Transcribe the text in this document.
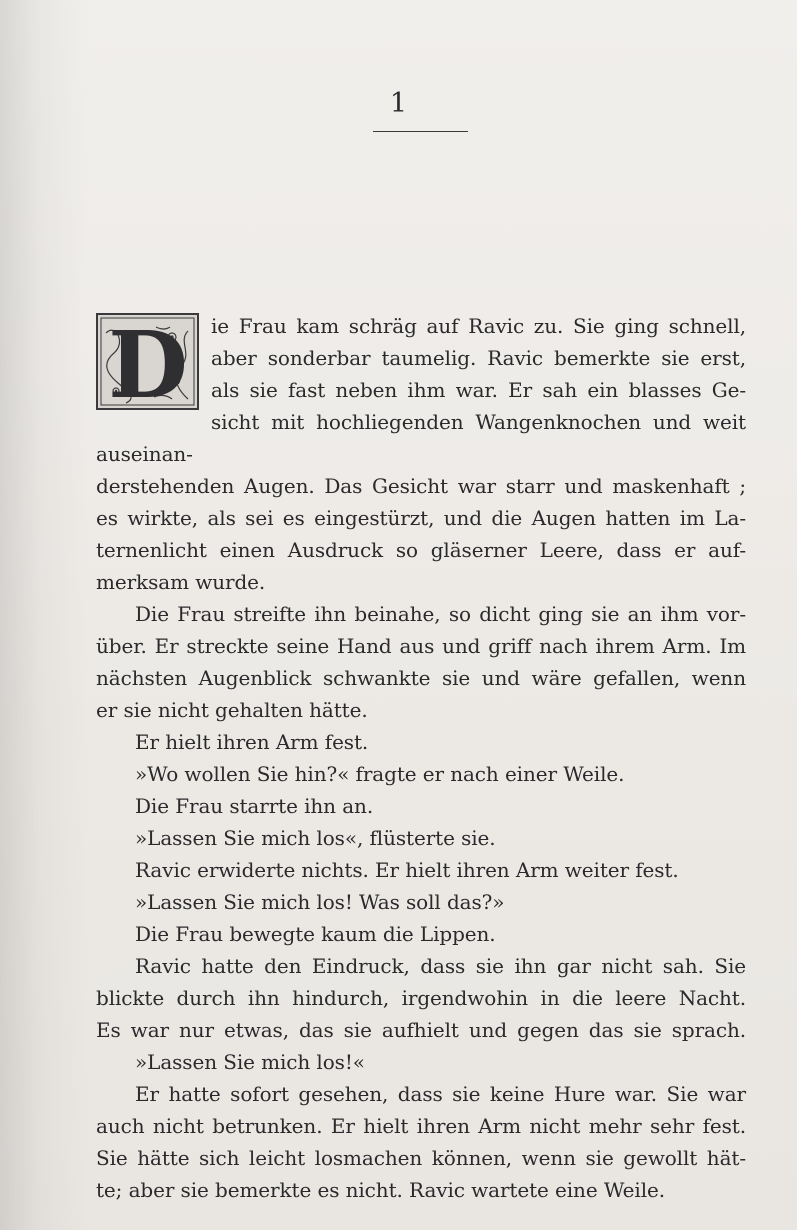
1
D	ie Frau kam schräg auf Ravic zu. Sie ging schnell,
aber sonderbar taumelig. Ravic bemerkte sie erst,
als sie fast neben ihm war. Er sah ein blasses Ge-
sicht mit hochliegenden Wangenknochen und weit auseinan-
derstehenden Augen. Das Gesicht war starr und maskenhaft ;
es wirkte, als sei es eingestürzt, und die Augen hatten im La-
ternenlicht einen Ausdruck so gläserner Leere, dass er auf-
merksam wurde.
Die Frau streifte ihn beinahe, so dicht ging sie an ihm vor-
über. Er streckte seine Hand aus und griff nach ihrem Arm. Im
nächsten Augenblick schwankte sie und wäre gefallen, wenn
er sie nicht gehalten hätte.
Er hielt ihren Arm fest.
»Wo wollen Sie hin?« fragte er nach einer Weile.
Die Frau starrte ihn an.
»Lassen Sie mich los«, flüsterte sie.
Ravic erwiderte nichts. Er hielt ihren Arm weiter fest.
»Lassen Sie mich los! Was soll das?»
Die Frau bewegte kaum die Lippen.
Ravic hatte den Eindruck, dass sie ihn gar nicht sah. Sie
blickte durch ihn hindurch, irgendwohin in die leere Nacht.
Es war nur etwas, das sie aufhielt und gegen das sie sprach.
»Lassen Sie mich los!«
Er hatte sofort gesehen, dass sie keine Hure war. Sie war
auch nicht betrunken. Er hielt ihren Arm nicht mehr sehr fest.
Sie hätte sich leicht losmachen können, wenn sie gewollt hät-
te; aber sie bemerkte es nicht. Ravic wartete eine Weile.
